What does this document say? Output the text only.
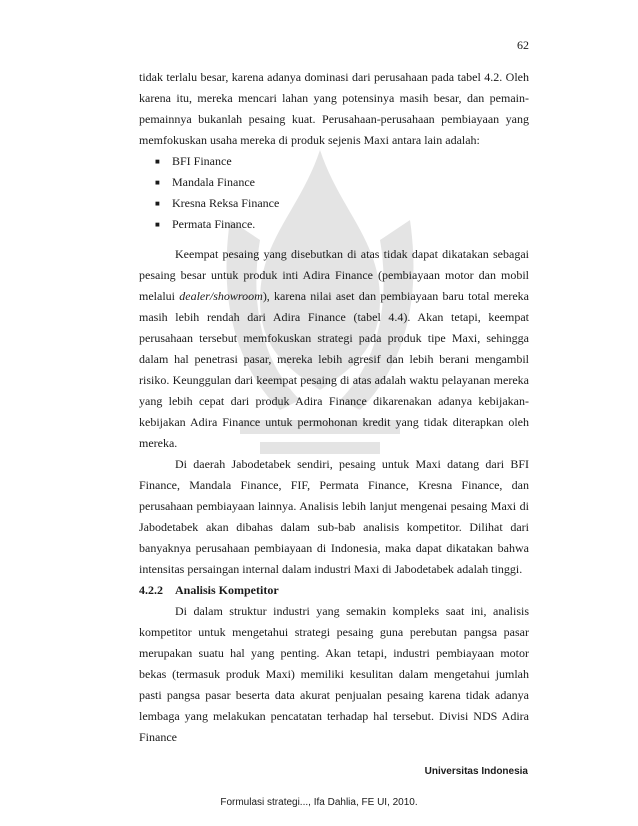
62

tidak terlalu besar, karena adanya dominasi dari perusahaan pada tabel 4.2. Oleh karena itu, mereka mencari lahan yang potensinya masih besar, dan pemain-pemainnya bukanlah pesaing kuat. Perusahaan-perusahaan pembiayaan yang memfokuskan usaha mereka di produk sejenis Maxi antara lain adalah:

■ BFI Finance
■ Mandala Finance
■ Kresna Reksa Finance
■ Permata Finance.

Keempat pesaing yang disebutkan di atas tidak dapat dikatakan sebagai pesaing besar untuk produk inti Adira Finance (pembiayaan motor dan mobil melalui dealer/showroom), karena nilai aset dan pembiayaan baru total mereka masih lebih rendah dari Adira Finance (tabel 4.4). Akan tetapi, keempat perusahaan tersebut memfokuskan strategi pada produk tipe Maxi, sehingga dalam hal penetrasi pasar, mereka lebih agresif dan lebih berani mengambil risiko. Keunggulan dari keempat pesaing di atas adalah waktu pelayanan mereka yang lebih cepat dari produk Adira Finance dikarenakan adanya kebijakan-kebijakan Adira Finance untuk permohonan kredit yang tidak diterapkan oleh mereka.

Di daerah Jabodetabek sendiri, pesaing untuk Maxi datang dari BFI Finance, Mandala Finance, FIF, Permata Finance, Kresna Finance, dan perusahaan pembiayaan lainnya. Analisis lebih lanjut mengenai pesaing Maxi di Jabodetabek akan dibahas dalam sub-bab analisis kompetitor. Dilihat dari banyaknya perusahaan pembiayaan di Indonesia, maka dapat dikatakan bahwa intensitas persaingan internal dalam industri Maxi di Jabodetabek adalah tinggi.

4.2.2 Analisis Kompetitor

Di dalam struktur industri yang semakin kompleks saat ini, analisis kompetitor untuk mengetahui strategi pesaing guna perebutan pangsa pasar merupakan suatu hal yang penting. Akan tetapi, industri pembiayaan motor bekas (termasuk produk Maxi) memiliki kesulitan dalam mengetahui jumlah pasti pangsa pasar beserta data akurat penjualan pesaing karena tidak adanya lembaga yang melakukan pencatatan terhadap hal tersebut. Divisi NDS Adira Finance

Universitas Indonesia
Formulasi strategi..., Ifa Dahlia, FE UI, 2010.
